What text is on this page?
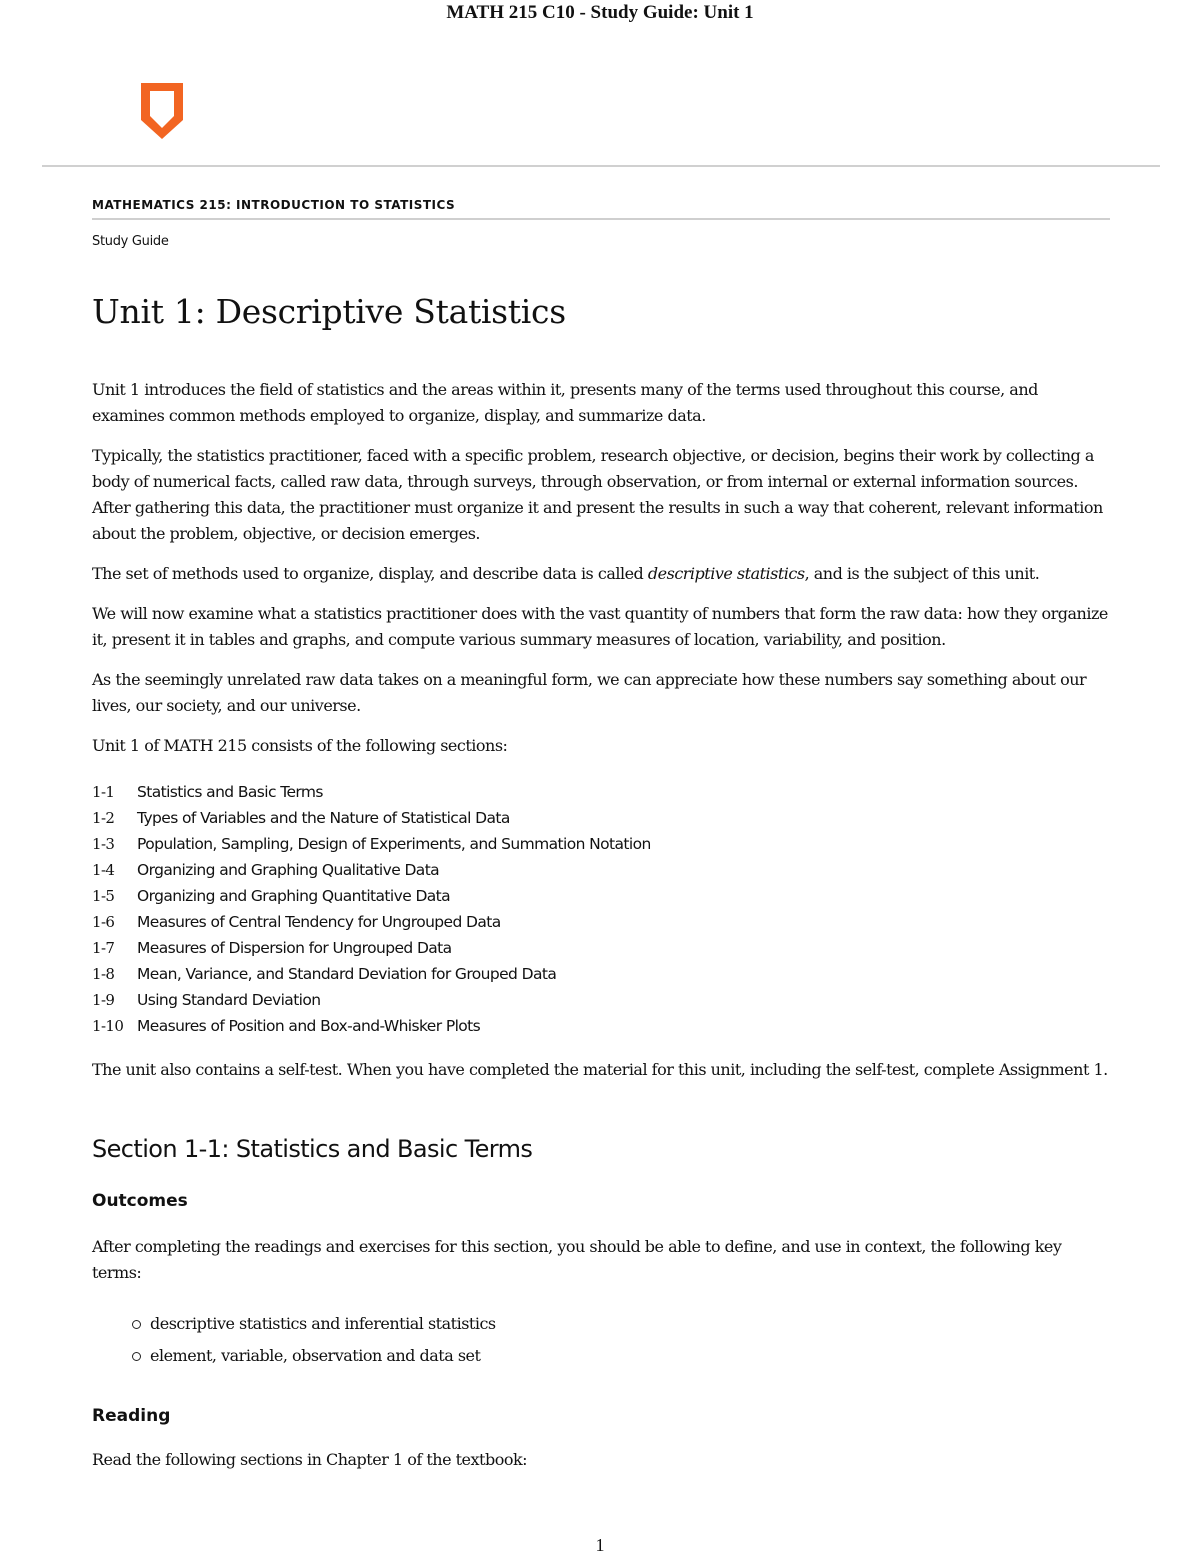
MATH 215 C10 - Study Guide: Unit 1
MATHEMATICS 215: INTRODUCTION TO STATISTICS
Study Guide
Unit 1: Descriptive Statistics

Unit 1 introduces the field of statistics and the areas within it, presents many of the terms used throughout this course, and examines common methods employed to organize, display, and summarize data.

Typically, the statistics practitioner, faced with a specific problem, research objective, or decision, begins their work by collecting a body of numerical facts, called raw data, through surveys, through observation, or from internal or external information sources. After gathering this data, the practitioner must organize it and present the results in such a way that coherent, relevant information about the problem, objective, or decision emerges.

The set of methods used to organize, display, and describe data is called descriptive statistics, and is the subject of this unit.

We will now examine what a statistics practitioner does with the vast quantity of numbers that form the raw data: how they organize it, present it in tables and graphs, and compute various summary measures of location, variability, and position.

As the seemingly unrelated raw data takes on a meaningful form, we can appreciate how these numbers say something about our lives, our society, and our universe.

Unit 1 of MATH 215 consists of the following sections:

1-1	Statistics and Basic Terms
1-2	Types of Variables and the Nature of Statistical Data
1-3	Population, Sampling, Design of Experiments, and Summation Notation
1-4	Organizing and Graphing Qualitative Data
1-5	Organizing and Graphing Quantitative Data
1-6	Measures of Central Tendency for Ungrouped Data
1-7	Measures of Dispersion for Ungrouped Data
1-8	Mean, Variance, and Standard Deviation for Grouped Data
1-9	Using Standard Deviation
1-10 Measures of Position and Box-and-Whisker Plots

The unit also contains a self-test. When you have completed the material for this unit, including the self-test, complete Assignment 1.

Section 1-1: Statistics and Basic Terms
Outcomes

After completing the readings and exercises for this section, you should be able to define, and use in context, the following key terms:

descriptive statistics and inferential statistics
element, variable, observation and data set
Reading

Read the following sections in Chapter 1 of the textbook:

1
